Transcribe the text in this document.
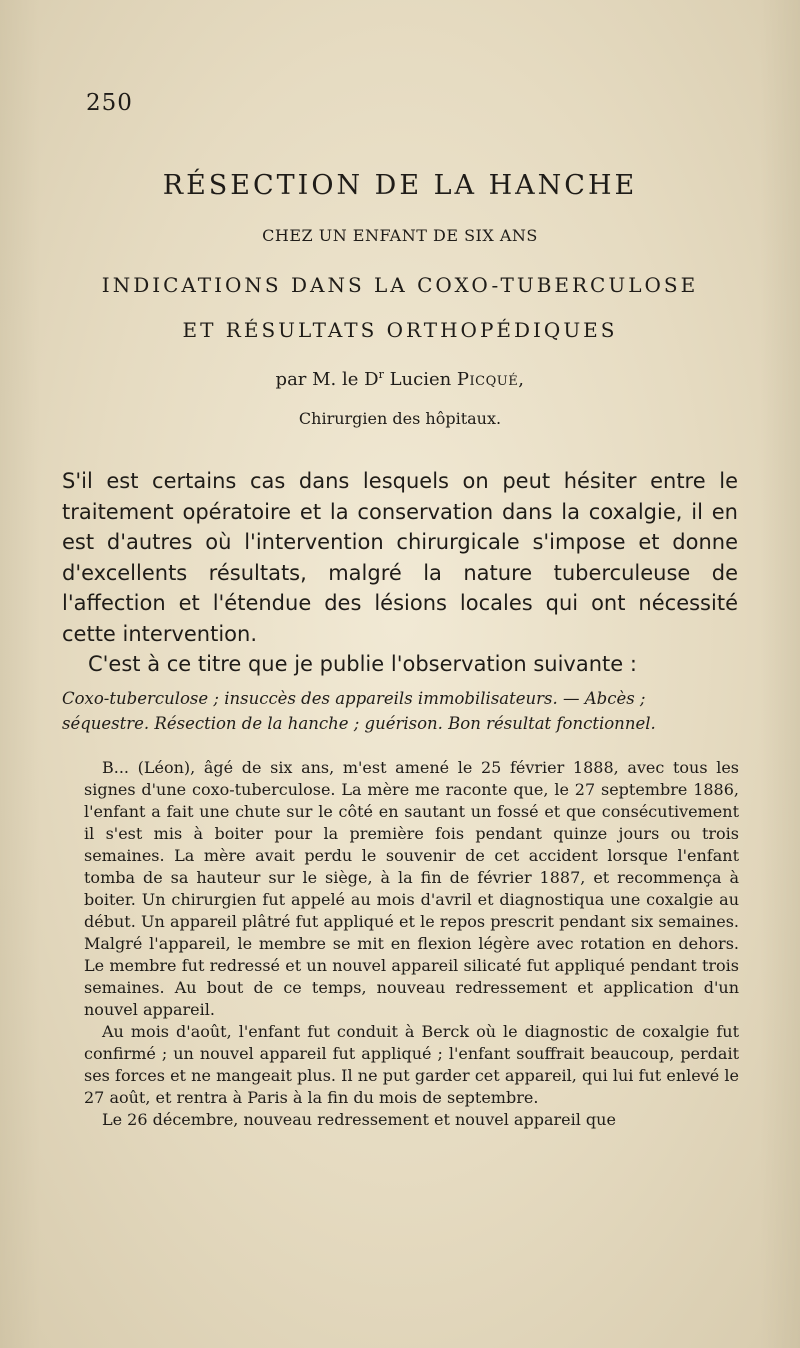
250
RÉSECTION DE LA HANCHE
CHEZ UN ENFANT DE SIX ANS
INDICATIONS DANS LA COXO-TUBERCULOSE
ET RÉSULTATS ORTHOPÉDIQUES
par M. le $D^r$ Lucien Picqué,
Chirurgien des hôpitaux.

S'il est certains cas dans lesquels on peut hésiter entre le traitement opératoire et la conservation dans la coxalgie, il en est d'autres où l'intervention chirurgicale s'impose et donne d'excellents résultats, malgré la nature tuberculeuse de l'affection et l'étendue des lésions locales qui ont nécessité cette intervention.

C'est à ce titre que je publie l'observation suivante :

Coxo-tuberculose ; insuccès des appareils immobilisateurs. — Abcès ;
séquestre. Résection de la hanche ; guérison. Bon résultat fonctionnel.

B... (Léon), âgé de six ans, m'est amené le 25 février 1888, avec tous les signes d'une coxo-tuberculose. La mère me raconte que, le 27 septembre 1886, l'enfant a fait une chute sur le côté en sautant un fossé et que consécutivement il s'est mis à boiter pour la première fois pendant quinze jours ou trois semaines. La mère avait perdu le souvenir de cet accident lorsque l'enfant tomba de sa hauteur sur le siège, à la fin de février 1887, et recommença à boiter. Un chirurgien fut appelé au mois d'avril et diagnostiqua une coxalgie au début. Un appareil plâtré fut appliqué et le repos prescrit pendant six semaines. Malgré l'appareil, le membre se mit en flexion légère avec rotation en dehors. Le membre fut redressé et un nouvel appareil silicaté fut appliqué pendant trois semaines. Au bout de ce temps, nouveau redressement et application d'un nouvel appareil.

Au mois d'août, l'enfant fut conduit à Berck où le diagnostic de coxalgie fut confirmé ; un nouvel appareil fut appliqué ; l'enfant souffrait beaucoup, perdait ses forces et ne mangeait plus. Il ne put garder cet appareil, qui lui fut enlevé le 27 août, et rentra à Paris à la fin du mois de septembre.

Le 26 décembre, nouveau redressement et nouvel appareil que
